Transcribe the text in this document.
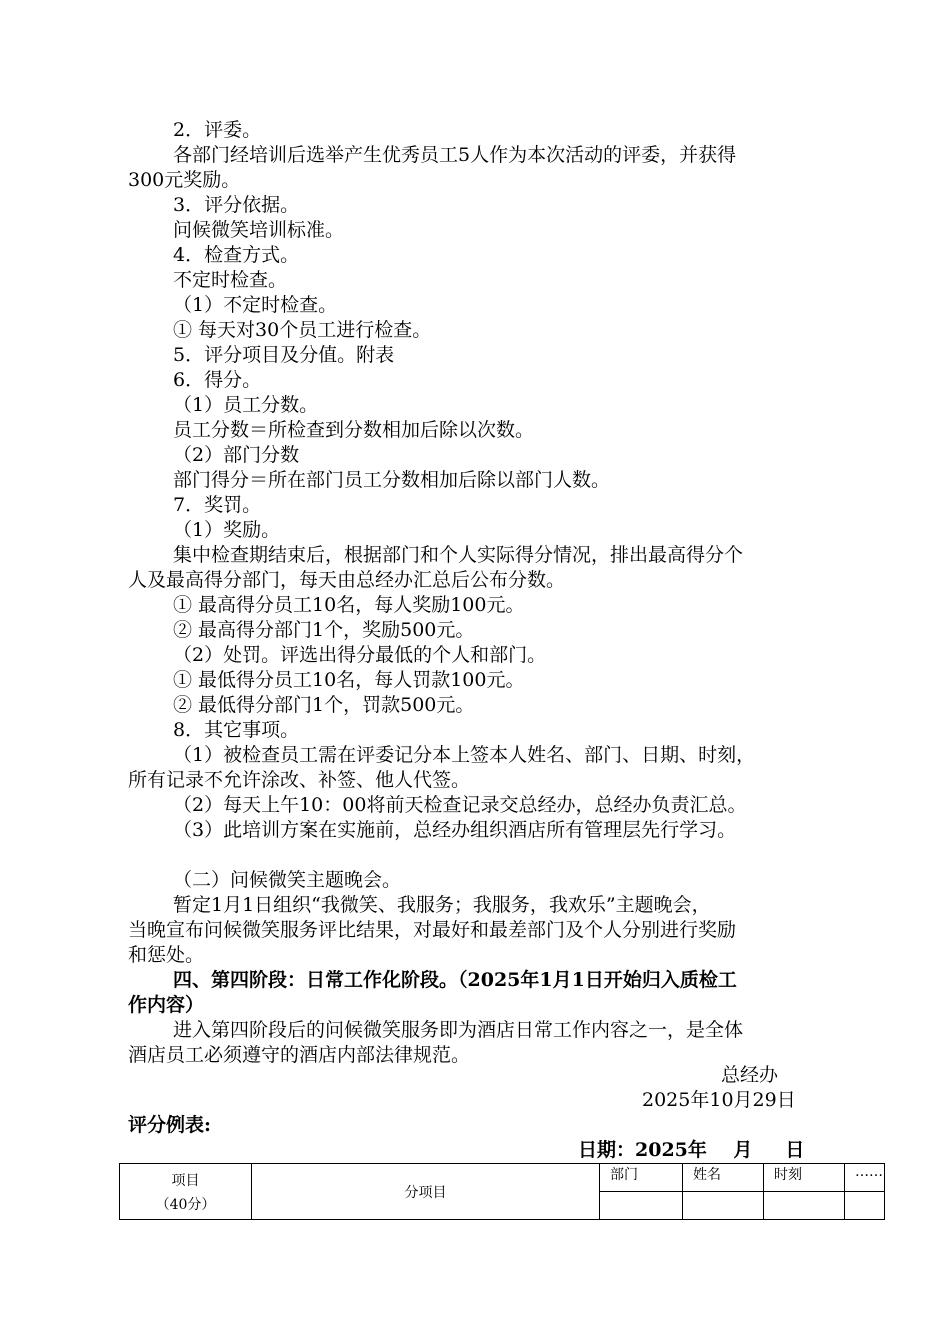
2．评委。
各部门经培训后选举产生优秀员工5人作为本次活动的评委，并获得
300元奖励。
3．评分依据。
问候微笑培训标准。
4．检查方式。
不定时检查。
（1）不定时检查。
① 每天对30个员工进行检查。
5．评分项目及分值。附表
6．得分。
（1）员工分数。
员工分数＝所检查到分数相加后除以次数。
（2）部门分数
部门得分＝所在部门员工分数相加后除以部门人数。
7．奖罚。
（1）奖励。
集中检查期结束后，根据部门和个人实际得分情况，排出最高得分个
人及最高得分部门，每天由总经办汇总后公布分数。
① 最高得分员工10名，每人奖励100元。
② 最高得分部门1个，奖励500元。
（2）处罚。评选出得分最低的个人和部门。
① 最低得分员工10名，每人罚款100元。
② 最低得分部门1个，罚款500元。
8．其它事项。
（1）被检查员工需在评委记分本上签本人姓名、部门、日期、时刻，
所有记录不允许涂改、补签、他人代签。
（2）每天上午10：00将前天检查记录交总经办，总经办负责汇总。
（3）此培训方案在实施前，总经办组织酒店所有管理层先行学习。
（二）问候微笑主题晚会。
暂定1月1日组织“我微笑、我服务；我服务，我欢乐”主题晚会，
当晚宣布问候微笑服务评比结果，对最好和最差部门及个人分别进行奖励
和惩处。
四、第四阶段：日常工作化阶段。（2025年1月1日开始归入质检工
作内容）
进入第四阶段后的问候微笑服务即为酒店日常工作内容之一，是全体
酒店员工必须遵守的酒店内部法律规范。
总经办
2025年10月29日
评分例表:
日期：2025年    月     日
项目
（40分）	分项目	部门	姓名	时刻	……
